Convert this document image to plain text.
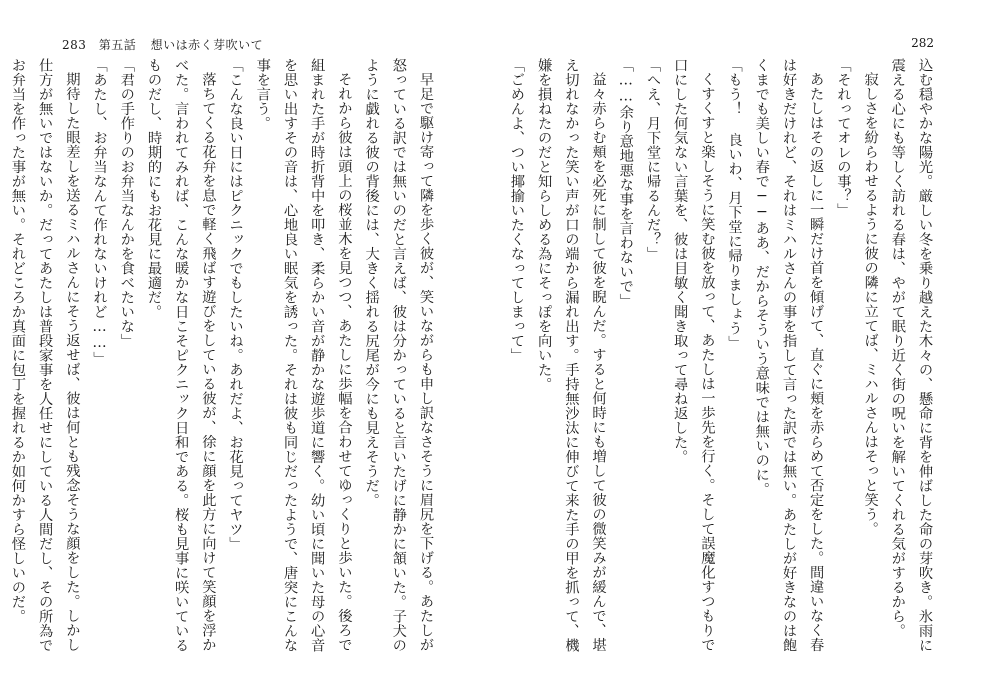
283 第五話 想いは赤く芽吹いて

早足で駆け寄って隣を歩く彼が、笑いながらも申し訳なさそうに眉尻を下げる。あたしが怒っている訳では無いのだと言えば、彼は分かっていると言いたげに静かに頷いた。子犬のように戯れる彼の背後には、大きく揺れる尻尾が今にも見えそうだ。

それから彼は頭上の桜並木を見つつ、あたしに歩幅を合わせてゆっくりと歩いた。後ろで組まれた手が時折背中を叩き、柔らかい音が静かな遊歩道に響く。幼い頃に聞いた母の心音を思い出すその音は、心地良い眠気を誘った。それは彼も同じだったようで、唐突にこんな事を言う。

「こんな良い日にはピクニックでもしたいね。あれだよ、お花見ってヤツ」

落ちてくる花弁を息で軽く飛ばす遊びをしている彼が、徐に顔を此方に向けて笑顔を浮かべた。言われてみれば、こんな暖かな日こそピクニック日和である。桜も見事に咲いているものだし、時期的にもお花見に最適だ。

「君の手作りのお弁当なんかを食べたいな」

「あたし、お弁当なんて作れないけれど……」

期待した眼差しを送るミハルさんにそう返せば、彼は何とも残念そうな顔をした。しかし仕方が無いではないか。だってあたしは普段家事を人任せにしている人間だし、その所為でお弁当を作った事が無い。それどころか真面に包丁を握れるか如何かすら怪しいのだ。

282

込む穏やかな陽光。厳しい冬を乗り越えた木々の、懸命に背を伸ばした命の芽吹き。氷雨に震える心にも等しく訪れる春は、やがて眠り近く街の呪いを解いてくれる気がするから。

寂しさを紛らわせるように彼の隣に立てば、ミハルさんはそっと笑う。

「それってオレの事？」

あたしはその返しに一瞬だけ首を傾げて、直ぐに頬を赤らめて否定をした。間違いなく春は好きだけれど、それはミハルさんの事を指して言った訳では無い。あたしが好きなのは飽くまでも美しい春で──ああ、だからそういう意味では無いのに。

「もう！ 良いわ、月下堂に帰りましょう」

くすくすと楽しそうに笑む彼を放って、あたしは一歩先を行く。そして誤魔化すつもりで口にした何気ない言葉を、彼は目敏く聞き取って尋ね返した。

「へえ、月下堂に帰るんだ？」

「……余り意地悪な事を言わないで」

益々赤らむ頬を必死に制して彼を睨んだ。すると何時にも増して彼の微笑みが緩んで、堪え切れなかった笑い声が口の端から漏れ出す。手持無沙汰に伸びて来た手の甲を抓って、機嫌を損ねたのだと知らしめる為にそっぽを向いた。

「ごめんよ、つい揶揄いたくなってしまって」
